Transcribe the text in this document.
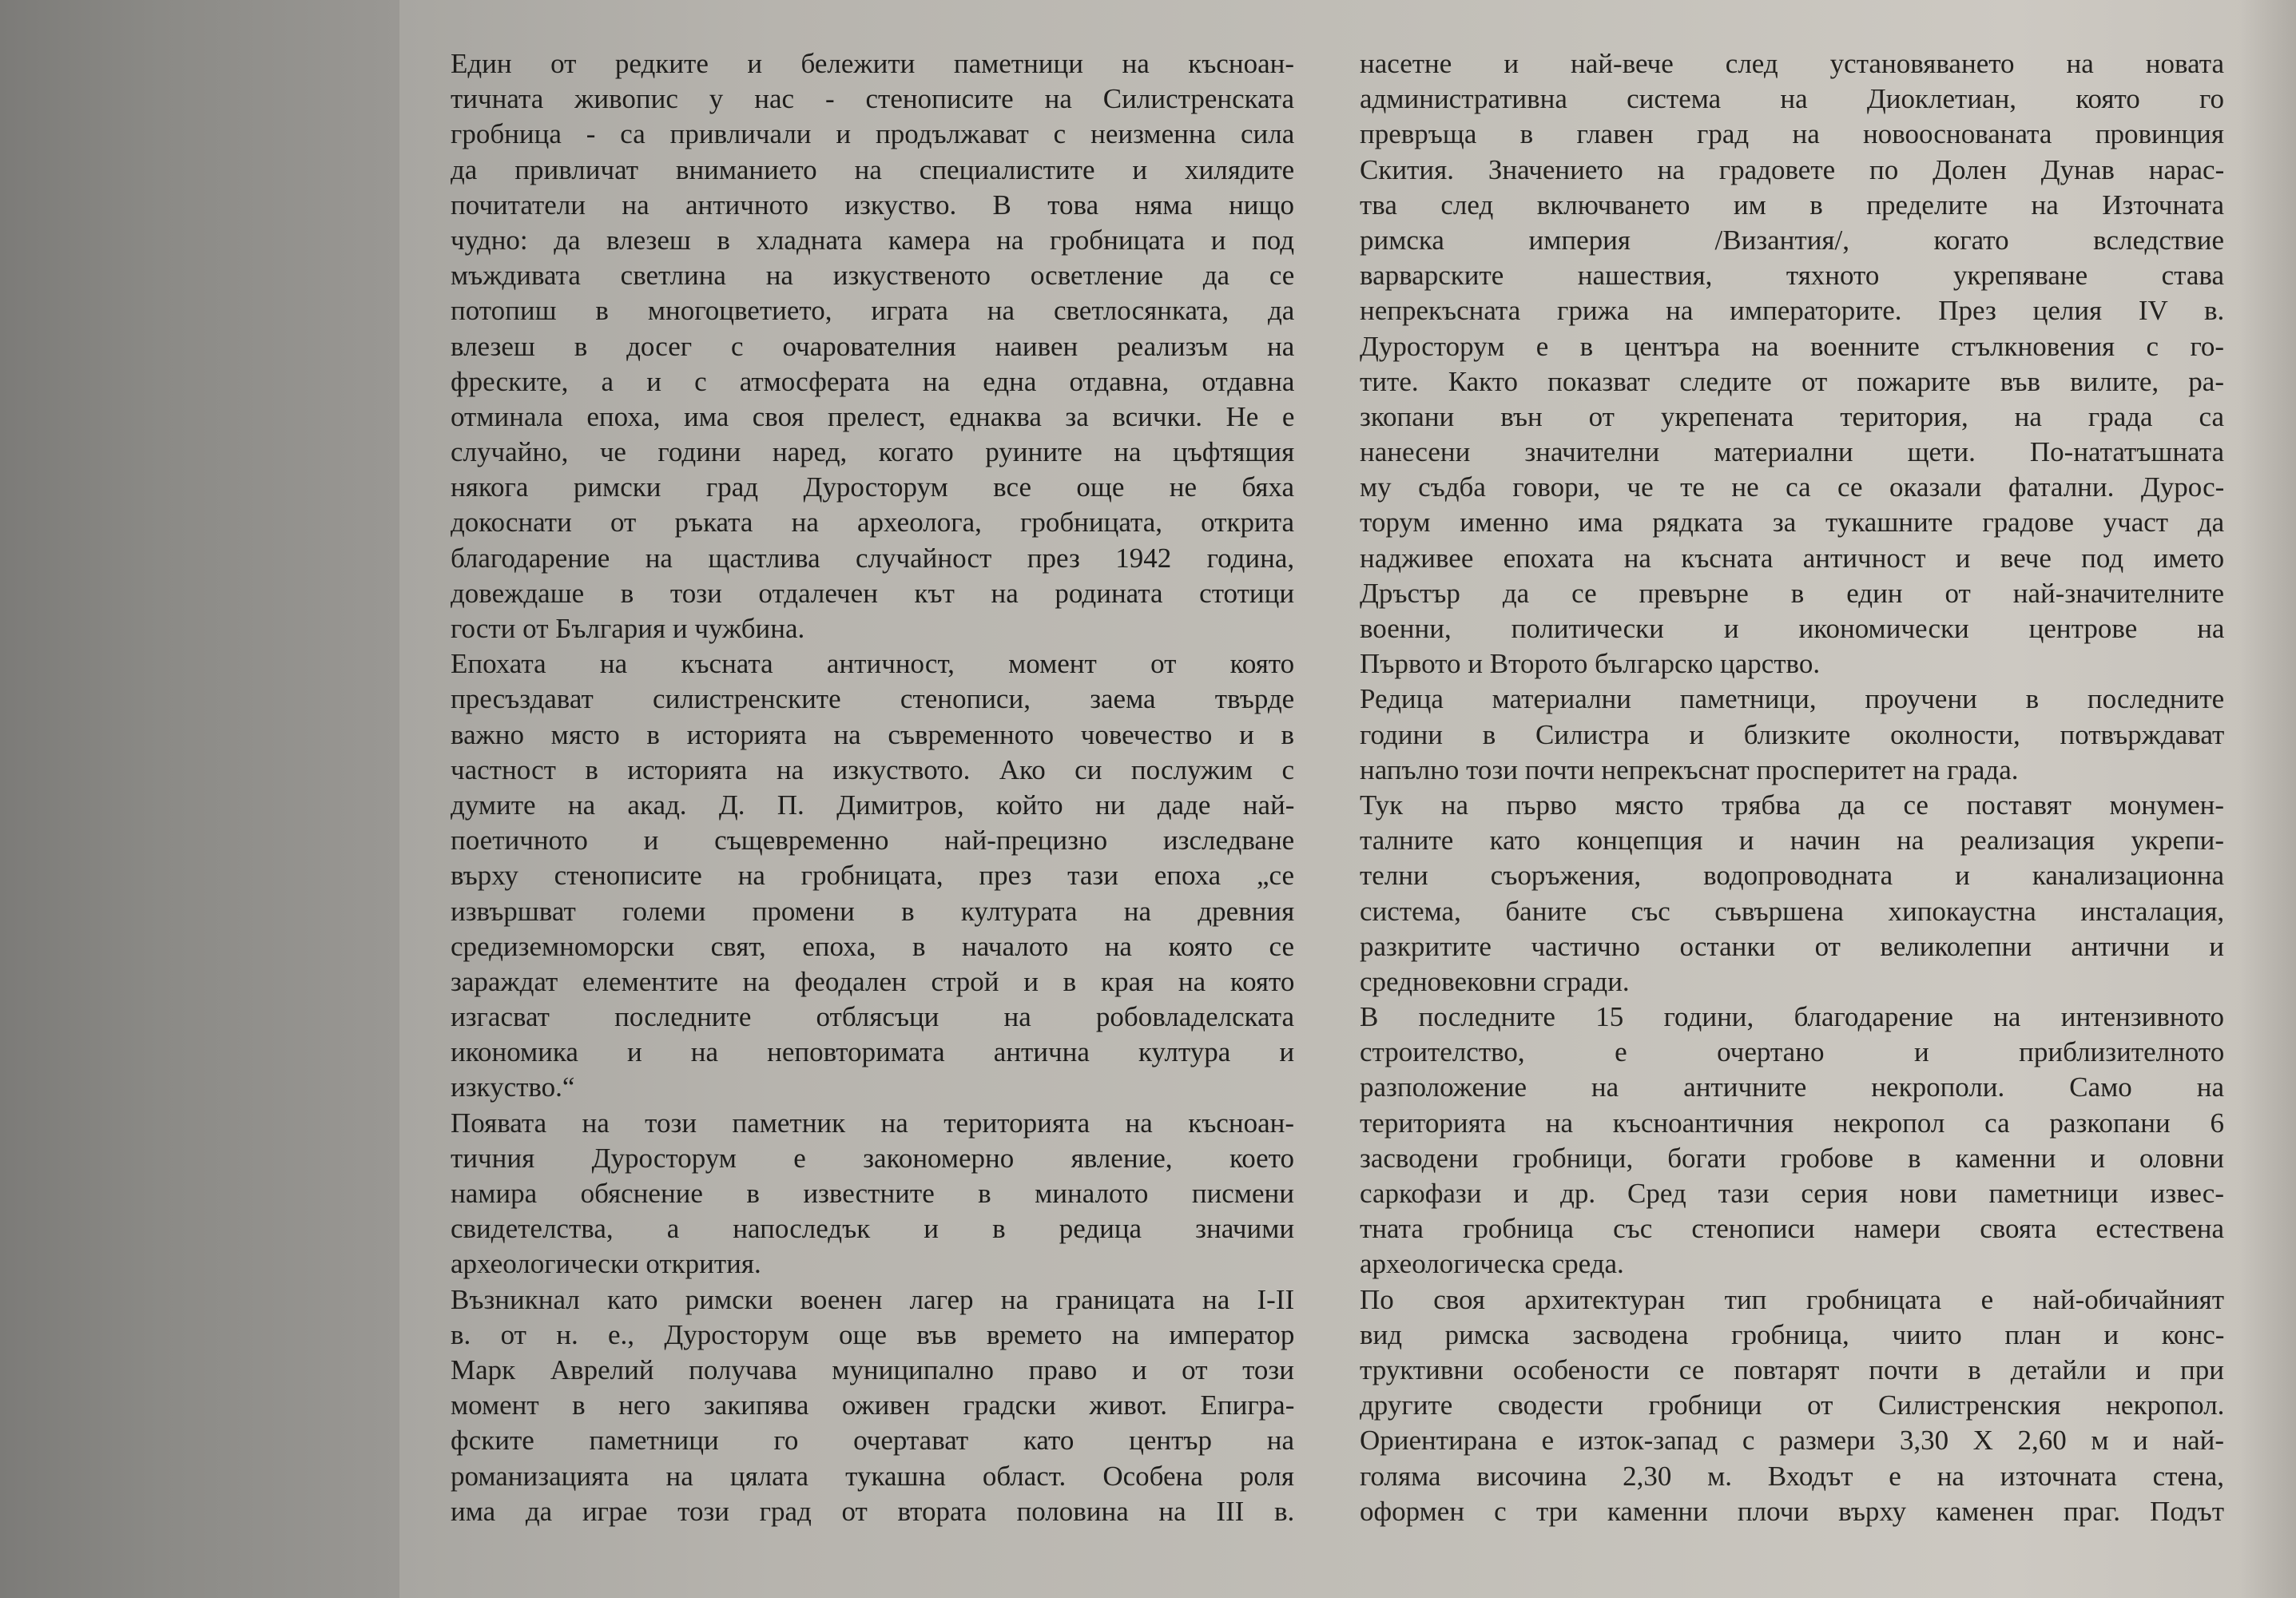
Един от редките и бележити паметници на късноан-
тичната живопис у нас - стенописите на Силистренската
гробница - са привличали и продължават с неизменна сила
да привличат вниманието на специалистите и хилядите
почитатели на античното изкуство. В това няма нищо
чудно: да влезеш в хладната камера на гробницата и под
мъждивата светлина на изкуственото осветление да се
потопиш в многоцветието, играта на светлосянката, да
влезеш в досег с очарователния наивен реализъм на
фреските, а и с атмосферата на една отдавна, отдавна
отминала епоха, има своя прелест, еднаква за всички. Не е
случайно, че години наред, когато руините на цъфтящия
някога римски град Дуросторум все още не бяха
докоснати от ръката на археолога, гробницата, открита
благодарение на щастлива случайност през 1942 година,
довеждаше в този отдалечен кът на родината стотици
гости от България и чужбина.
Епохата на късната античност, момент от която
пресъздават силистренските стенописи, заема твърде
важно място в историята на съвременното човечество и в
частност в историята на изкуството. Ако си послужим с
думите на акад. Д. П. Димитров, който ни даде най-
поетичното и същевременно най-прецизно изследване
върху стенописите на гробницата, през тази епоха „се
извършват големи промени в културата на древния
средиземноморски свят, епоха, в началото на която се
зараждат елементите на феодален строй и в края на която
изгасват последните отблясъци на робовладелската
икономика и на неповторимата антична култура и
изкуство.“
Появата на този паметник на територията на късноан-
тичния Дуросторум е закономерно явление, което
намира обяснение в известните в миналото писмени
свидетелства, а напоследък и в редица значими
археологически открития.
Възникнал като римски военен лагер на границата на I-II
в. от н. е., Дуросторум още във времето на император
Марк Аврелий получава муниципално право и от този
момент в него закипява оживен градски живот. Епигра-
фските паметници го очертават като център на
романизацията на цялата тукашна област. Особена роля
има да играе този град от втората половина на III в.
насетне и най-вече след установяването на новата
административна система на Диоклетиан, която го
превръща в главен град на новооснованата провинция
Скития. Значението на градовете по Долен Дунав нарас-
тва след включването им в пределите на Източната
римска империя /Византия/, когато вследствие
варварските нашествия, тяхното укрепяване става
непрекъсната грижа на императорите. През целия IV в.
Дуросторум е в центъра на военните стълкновения с го-
тите. Както показват следите от пожарите във вилите, ра-
зкопани вън от укрепената територия, на града са
нанесени значителни материални щети. По-нататъшната
му съдба говори, че те не са се оказали фатални. Дурос-
торум именно има рядката за тукашните градове участ да
надживее епохата на късната античност и вече под името
Дръстър да се превърне в един от най-значителните
военни, политически и икономически центрове на
Първото и Второто българско царство.
Редица материални паметници, проучени в последните
години в Силистра и близките околности, потвърждават
напълно този почти непрекъснат просперитет на града.
Тук на първо място трябва да се поставят монумен-
талните като концепция и начин на реализация укрепи-
телни съоръжения, водопроводната и канализационна
система, баните със съвършена хипокаустна инсталация,
разкритите частично останки от великолепни антични и
средновековни сгради.
В последните 15 години, благодарение на интензивното
строителство, е очертано и приблизителното
разположение на античните некрополи. Само на
територията на късноантичния некропол са разкопани 6
засводени гробници, богати гробове в каменни и оловни
саркофази и др. Сред тази серия нови паметници извес-
тната гробница със стенописи намери своята естествена
археологическа среда.
По своя архитектуран тип гробницата е най-обичайният
вид римска засводена гробница, чиито план и конс-
труктивни особености се повтарят почти в детайли и при
другите сводести гробници от Силистренския некропол.
Ориентирана е изток-запад с размери 3,30 X 2,60 м и най-
голяма височина 2,30 м. Входът е на източната стена,
оформен с три каменни плочи върху каменен праг. Подът
